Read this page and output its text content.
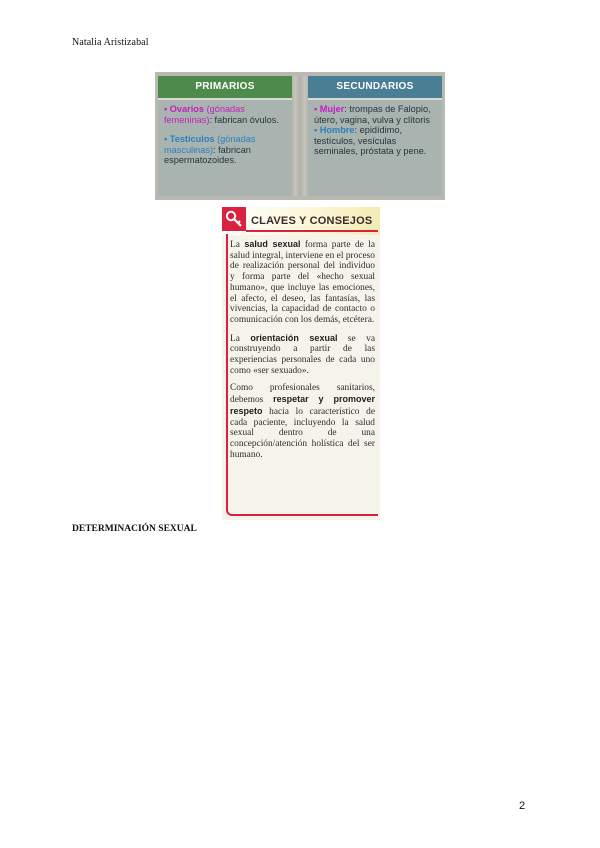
Natalia Aristizabal
PRIMARIOS
• Ovarios (gónadas femeninas): fabrican óvulos.
• Testículos (gónadas masculinas): fabrican espermatozoides.
SECUNDARIOS
• Mujer: trompas de Falopio, útero, vagina, vulva y clítoris
• Hombre: epidídimo, testículos, vesículas seminales, próstata y pene.
CLAVES Y CONSEJOS

La salud sexual forma parte de la salud integral, interviene en el proceso de realización personal del individuo y forma parte del «hecho sexual humano», que incluye las emociones, el afecto, el deseo, las fantasías, las vivencias, la capacidad de contacto o comunicación con los demás, etcétera.

La orientación sexual se va construyendo a partir de las experiencias personales de cada uno como «ser sexuado».

Como profesionales sanitarios, debemos respetar y promover respeto hacia lo característico de cada paciente, incluyendo la salud sexual dentro de una concepción/atención holística del ser humano.

DETERMINACIÓN SEXUAL
2
